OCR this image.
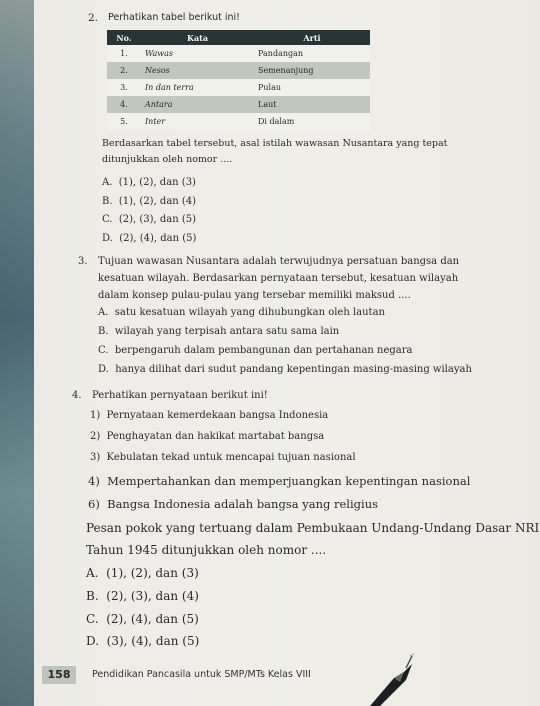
2. Perhatikan tabel berikut ini!
No.	Kata	Arti
1.	Wawas	Pandangan
2.	Nesos	Semenanjung
3.	In dan terra	Pulau
4.	Antara	Laut
5.	Inter	Di dalam
Berdasarkan tabel tersebut, asal istilah wawasan Nusantara yang tepat
ditunjukkan oleh nomor ....
A. (1), (2), dan (3)
B. (1), (2), dan (4)
C. (2), (3), dan (5)
D. (2), (4), dan (5)
3. Tujuan wawasan Nusantara adalah terwujudnya persatuan bangsa dan
kesatuan wilayah. Berdasarkan pernyataan tersebut, kesatuan wilayah
dalam konsep pulau-pulau yang tersebar memiliki maksud ....
A. satu kesatuan wilayah yang dihubungkan oleh lautan
B. wilayah yang terpisah antara satu sama lain
C. berpengaruh dalam pembangunan dan pertahanan negara
D. hanya dilihat dari sudut pandang kepentingan masing-masing wilayah
4. Perhatikan pernyataan berikut ini!
1) Pernyataan kemerdekaan bangsa Indonesia
2) Penghayatan dan hakikat martabat bangsa
3) Kebulatan tekad untuk mencapai tujuan nasional
4) Mempertahankan dan memperjuangkan kepentingan nasional
6) Bangsa Indonesia adalah bangsa yang religius
Pesan pokok yang tertuang dalam Pembukaan Undang-Undang Dasar NRI
Tahun 1945 ditunjukkan oleh nomor ....
A. (1), (2), dan (3)
B. (2), (3), dan (4)
C. (2), (4), dan (5)
D. (3), (4), dan (5)
158	Pendidikan Pancasila untuk SMP/MTs Kelas VIII
